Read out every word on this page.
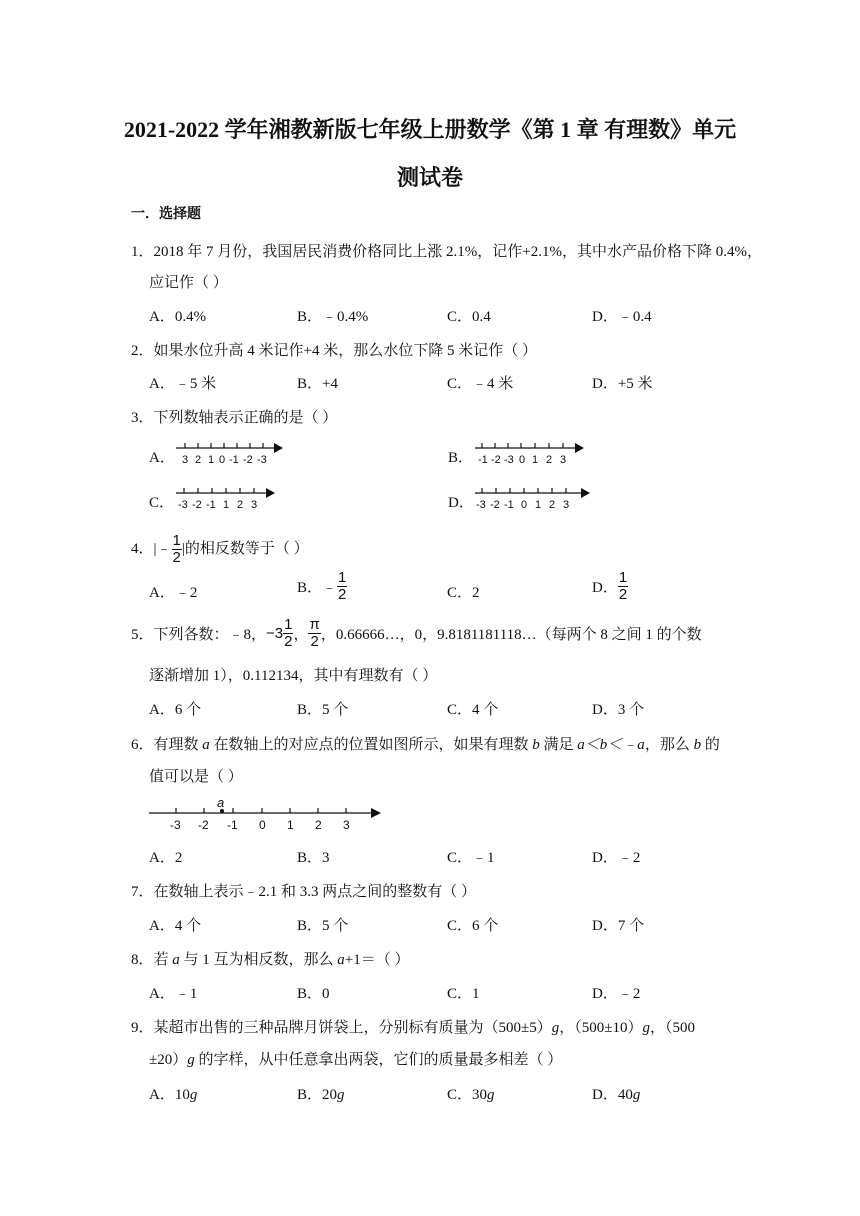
2021-2022 学年湘教新版七年级上册数学《第 1 章 有理数》单元
测试卷
一．选择题
1．2018 年 7 月份，我国居民消费价格同比上涨 2.1%，记作+2.1%，其中水产品价格下降 0.4%，
应记作（ ）
A．0.4%	B．﹣0.4%	C．0.4	D．﹣0.4
2．如果水位升高 4 米记作+4 米，那么水位下降 5 米记作（ ）
A．﹣5 米	B．+4	C．﹣4 米	D．+5 米
3．下列数轴表示正确的是（ ）
A． 3 2 1 0 -1 -2 -3	B． -1 -2 -3 0 1 2 3
C． -3 -2 -1 1 2 3	D． -3 -2 -1 0 1 2 3
4．|﹣ $\frac{1}{2}$ |的相反数等于（ ）
A．﹣2	B．﹣ $\frac{1}{2}$	C．2	D． $\frac{1}{2}$
5．下列各数：﹣8，$-3 \frac{1}{2}$ ， $\frac{\pi}{2}$ ，0.66666…，0，9.8181181118…（每两个 8 之间 1 的个数
逐渐增加 1），0.112134，其中有理数有（ ）
A．6 个	B．5 个	C．4 个	D．3 个
6．有理数 a 在数轴上的对应点的位置如图所示，如果有理数 b 满足 a＜b＜﹣a，那么 b 的
值可以是（ ）
a
-3 -2 -1 0 1 2 3
A．2	B．3	C．﹣1	D．﹣2
7．在数轴上表示﹣2.1 和 3.3 两点之间的整数有（ ）
A．4 个	B．5 个	C．6 个	D．7 个
8．若 a 与 1 互为相反数，那么 a+1＝（ ）
A．﹣1	B．0	C．1	D．﹣2
9．某超市出售的三种品牌月饼袋上，分别标有质量为（500±5）g，（500±10）g，（500
±20）g 的字样，从中任意拿出两袋，它们的质量最多相差（ ）
A．10g	B．20g	C．30g	D．40g
